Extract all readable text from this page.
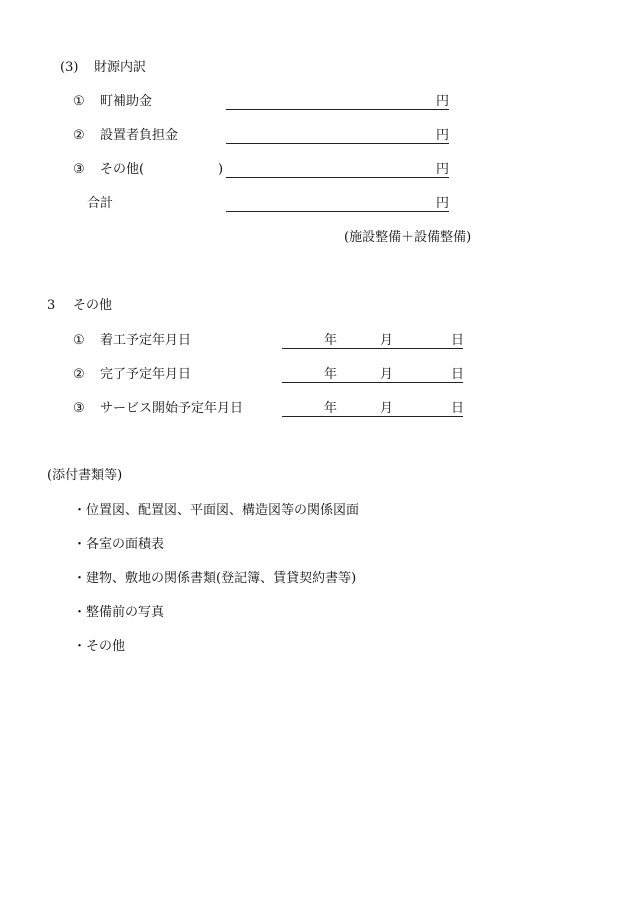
(3) 財源内訳
① 町補助金	円
② 設置者負担金	円
③ その他(	)	円
合計	円
(施設整備＋設備整備)
3 その他
① 着工予定年月日	年	月	日
② 完了予定年月日	年	月	日
③ サービス開始予定年月日	年	月	日
(添付書類等)
・位置図、配置図、平面図、構造図等の関係図面
・各室の面積表
・建物、敷地の関係書類(登記簿、賃貸契約書等)
・整備前の写真
・その他
